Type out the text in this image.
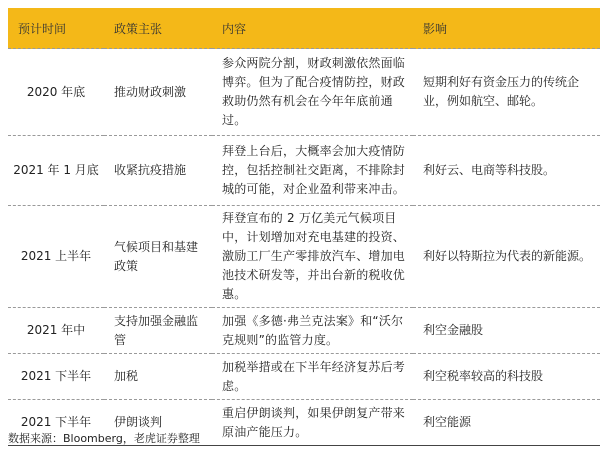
预计时间	政策主张	内容	影响
2020 年底	推动财政刺激	参众两院分割，财政刺激依然面临博弈。但为了配合疫情防控，财政救助仍然有机会在今年年底前通过。	短期利好有资金压力的传统企业，例如航空、邮轮。
2021 年 1 月底	收紧抗疫措施	拜登上台后，大概率会加大疫情防控，包括控制社交距离，不排除封城的可能，对企业盈利带来冲击。	利好云、电商等科技股。
2021 上半年	气候项目和基建政策	拜登宣布的 2 万亿美元气候项目中，计划增加对充电基建的投资、激励工厂生产零排放汽车、增加电池技术研发等，并出台新的税收优惠。	利好以特斯拉为代表的新能源。
2021 年中	支持加强金融监管	加强《多德·弗兰克法案》和“沃尔克规则”的监管力度。	利空金融股
2021 下半年	加税	加税举措或在下半年经济复苏后考虑。	利空税率较高的科技股
2021 下半年	伊朗谈判	重启伊朗谈判，如果伊朗复产带来原油产能压力。	利空能源
数据来源：Bloomberg，老虎证券整理
